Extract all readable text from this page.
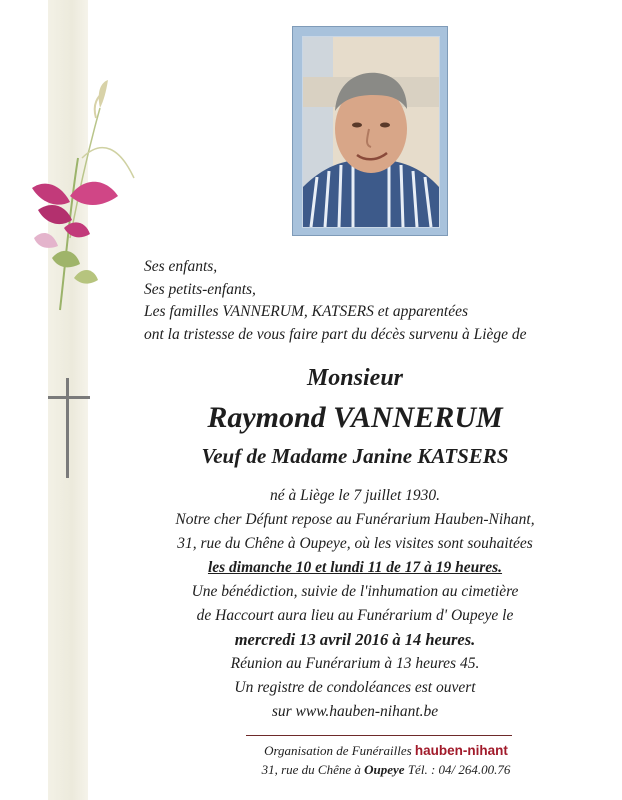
Ses enfants,
Ses petits-enfants,
Les familles VANNERUM, KATSERS et apparentées
ont la tristesse de vous faire part du décès survenu à Liège de
Monsieur
Raymond VANNERUM
Veuf de Madame Janine KATSERS
né à Liège le 7 juillet 1930.
Notre cher Défunt repose au Funérarium Hauben-Nihant,
31, rue du Chêne à Oupeye, où les visites sont souhaitées
les dimanche 10 et lundi 11 de 17 à 19 heures.
Une bénédiction, suivie de l'inhumation au cimetière
de Haccourt aura lieu au Funérarium d' Oupeye le
mercredi 13 avril 2016 à 14 heures.
Réunion au Funérarium à 13 heures 45.
Un registre de condoléances est ouvert
sur www.hauben-nihant.be
Organisation de Funérailles hauben-nihant
31, rue du Chêne à Oupeye Tél. : 04/ 264.00.76
